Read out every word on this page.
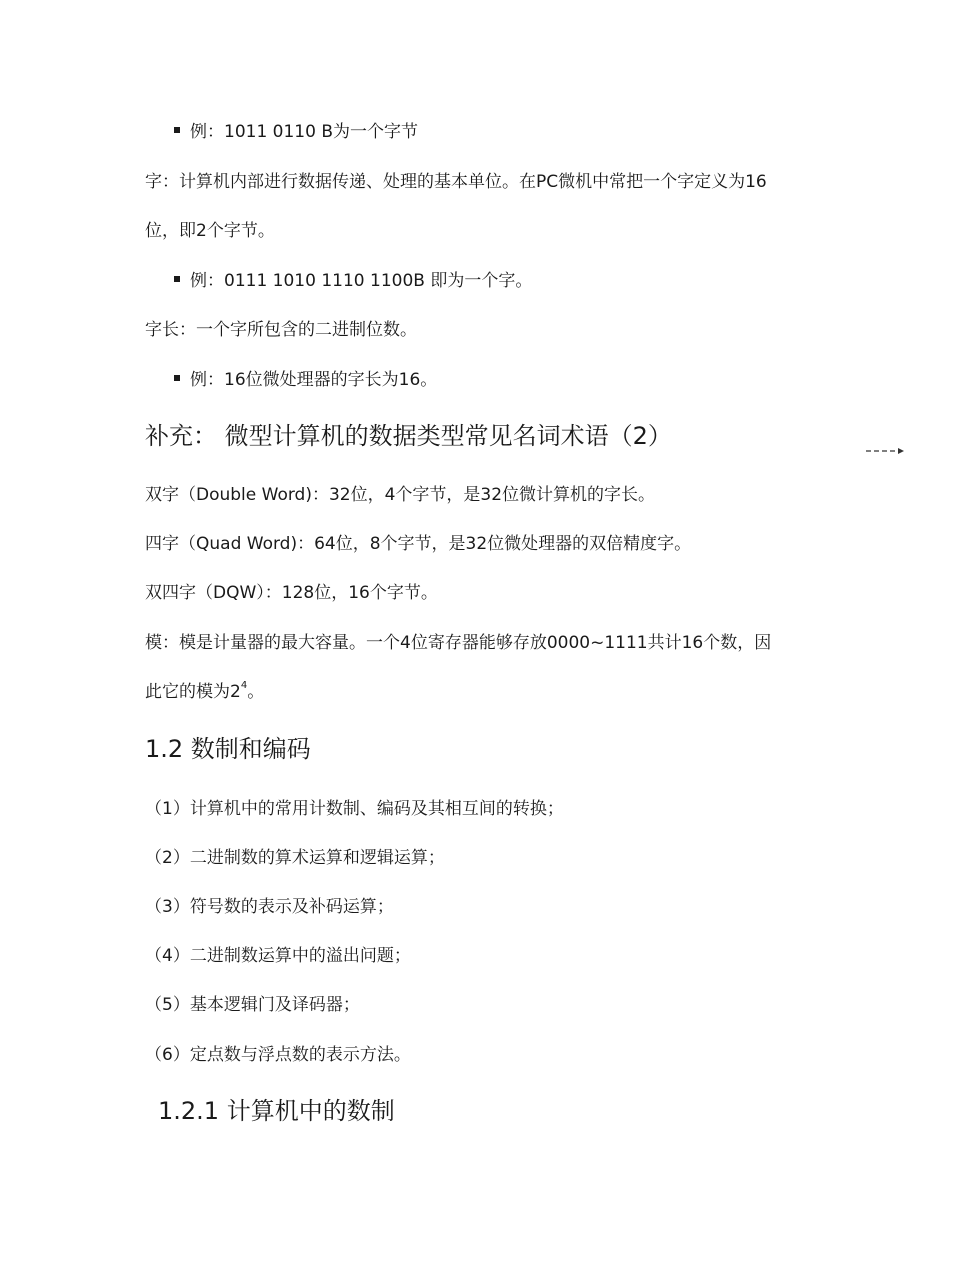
例：1011 0110 B为一个字节
字：计算机内部进行数据传递、处理的基本单位。在PC微机中常把一个字定义为16
位，即2个字节。
例：0111 1010 1110 1100B 即为一个字。
字长：一个字所包含的二进制位数。
例：16位微处理器的字长为16。
补充： 微型计算机的数据类型常见名词术语（2）
双字（Double Word)：32位，4个字节，是32位微计算机的字长。
四字（Quad Word)：64位，8个字节，是32位微处理器的双倍精度字。
双四字（DQW）：128位，16个字节。
模：模是计量器的最大容量。一个4位寄存器能够存放0000~1111共计16个数，因
此它的模为$2^4$。
1.2 数制和编码
（1）计算机中的常用计数制、编码及其相互间的转换；
（2）二进制数的算术运算和逻辑运算；
（3）符号数的表示及补码运算；
（4）二进制数运算中的溢出问题；
（5）基本逻辑门及译码器；
（6）定点数与浮点数的表示方法。
1.2.1 计算机中的数制
